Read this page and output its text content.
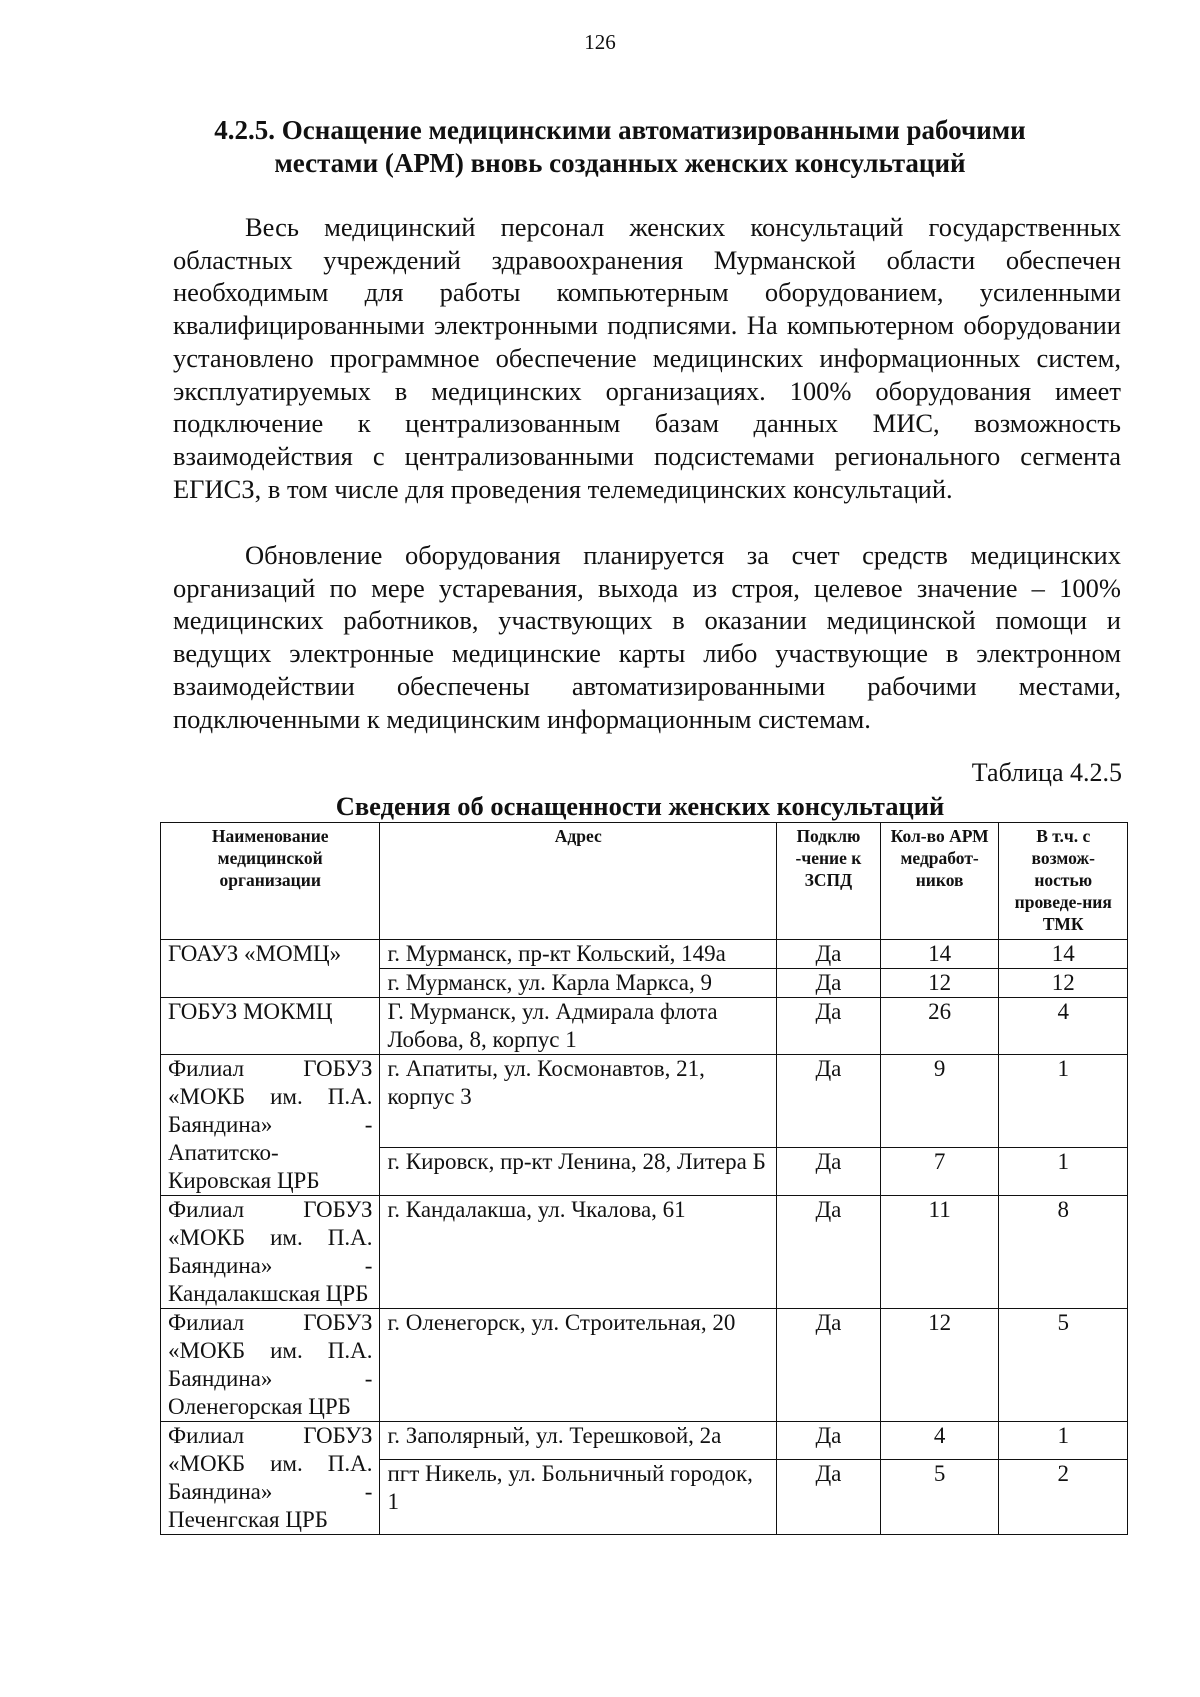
126
4.2.5. Оснащение медицинскими автоматизированными рабочими
местами (АРМ) вновь созданных женских консультаций

Весь медицинский персонал женских консультаций государственных областных учреждений здравоохранения Мурманской области обеспечен необходимым для работы компьютерным оборудованием, усиленными квалифицированными электронными подписями. На компьютерном оборудовании установлено программное обеспечение медицинских информационных систем, эксплуатируемых в медицинских организациях. 100% оборудования имеет подключение к централизованным базам данных МИС, возможность взаимодействия с централизованными подсистемами регионального сегмента ЕГИСЗ, в том числе для проведения телемедицинских консультаций.

Обновление оборудования планируется за счет средств медицинских организаций по мере устаревания, выхода из строя, целевое значение – 100% медицинских работников, участвующих в оказании медицинской помощи и ведущих электронные медицинские карты либо участвующие в электронном взаимодействии обеспечены автоматизированными рабочими местами, подключенными к медицинским информационным системам.

Таблица 4.2.5
Сведения об оснащенности женских консультаций
Наименование медицинской организации	Адрес	Подклю -чение к ЗСПД	Кол-во АРМ медработ-ников	В т.ч. с возмож-ностью проведе-ния ТМК
ГОАУЗ «МОМЦ»	г. Мурманск, пр-кт Кольский, 149а	Да	14	14
	г. Мурманск, ул. Карла Маркса, 9	Да	12	12
ГОБУЗ МОКМЦ	Г. Мурманск, ул. Адмирала флота Лобова, 8, корпус 1	Да	26	4
Филиал ГОБУЗ «МОКБ им. П.А. Баяндина» - Апатитско-Кировская ЦРБ	г. Апатиты, ул. Космонавтов, 21, корпус 3	Да	9	1
	г. Кировск, пр-кт Ленина, 28, Литера Б	Да	7	1
Филиал ГОБУЗ «МОКБ им. П.А. Баяндина» - Кандалакшская ЦРБ	г. Кандалакша, ул. Чкалова, 61	Да	11	8
Филиал ГОБУЗ «МОКБ им. П.А. Баяндина» - Оленегорская ЦРБ	г. Оленегорск, ул. Строительная, 20	Да	12	5
Филиал ГОБУЗ «МОКБ им. П.А. Баяндина» - Печенгская ЦРБ	г. Заполярный, ул. Терешковой, 2а	Да	4	1
	пгт Никель, ул. Больничный городок, 1	Да	5	2
